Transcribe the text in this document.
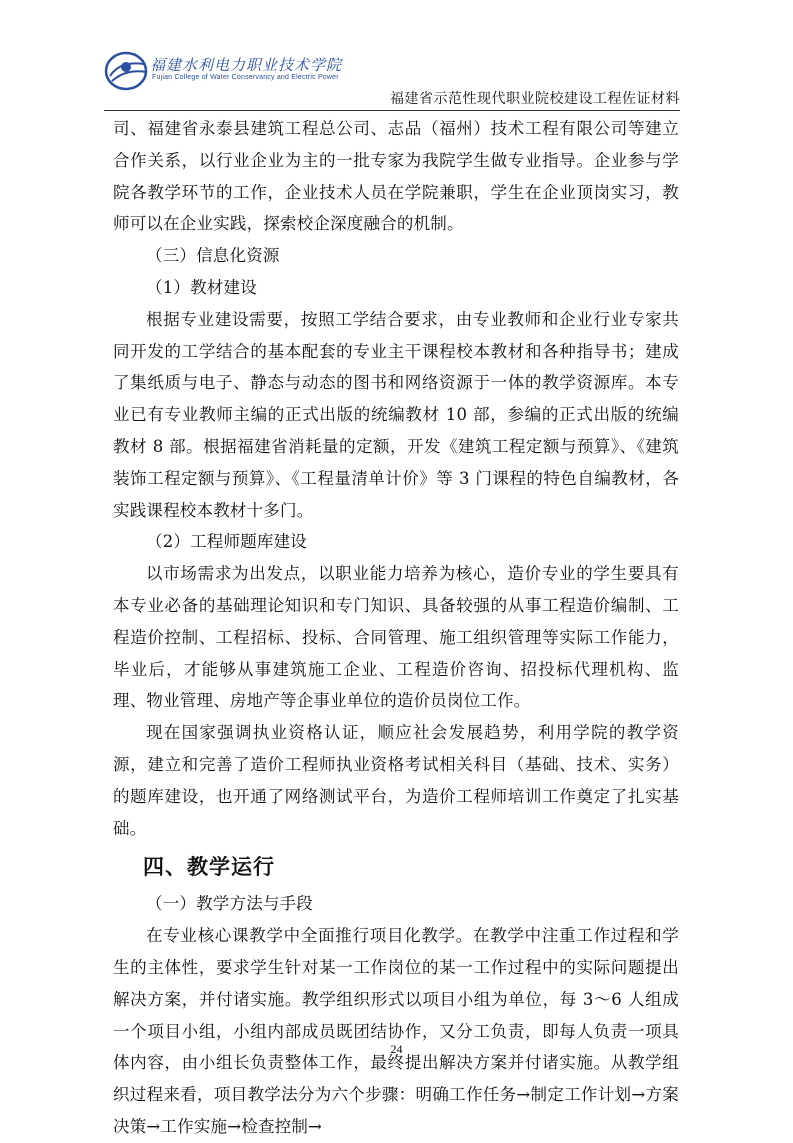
福建水利电力职业技术学院
Fujian College of Water Conservancy and Electric Power
福建省示范性现代职业院校建设工程佐证材料

司、福建省永泰县建筑工程总公司、志品（福州）技术工程有限公司等建立合作关系，以行业企业为主的一批专家为我院学生做专业指导。企业参与学院各教学环节的工作，企业技术人员在学院兼职，学生在企业顶岗实习，教师可以在企业实践，探索校企深度融合的机制。

（三）信息化资源

（1）教材建设

根据专业建设需要，按照工学结合要求，由专业教师和企业行业专家共同开发的工学结合的基本配套的专业主干课程校本教材和各种指导书；建成了集纸质与电子、静态与动态的图书和网络资源于一体的教学资源库。本专业已有专业教师主编的正式出版的统编教材 10 部，参编的正式出版的统编教材 8 部。根据福建省消耗量的定额，开发《建筑工程定额与预算》、《建筑装饰工程定额与预算》、《工程量清单计价》等 3 门课程的特色自编教材，各实践课程校本教材十多门。

（2）工程师题库建设

以市场需求为出发点，以职业能力培养为核心，造价专业的学生要具有本专业必备的基础理论知识和专门知识、具备较强的从事工程造价编制、工程造价控制、工程招标、投标、合同管理、施工组织管理等实际工作能力，毕业后，才能够从事建筑施工企业、工程造价咨询、招投标代理机构、监理、物业管理、房地产等企事业单位的造价员岗位工作。

现在国家强调执业资格认证，顺应社会发展趋势，利用学院的教学资源，建立和完善了造价工程师执业资格考试相关科目（基础、技术、实务）的题库建设，也开通了网络测试平台，为造价工程师培训工作奠定了扎实基础。

四、教学运行

（一）教学方法与手段

在专业核心课教学中全面推行项目化教学。在教学中注重工作过程和学生的主体性，要求学生针对某一工作岗位的某一工作过程中的实际问题提出解决方案，并付诸实施。教学组织形式以项目小组为单位，每 3～6 人组成一个项目小组，小组内部成员既团结协作，又分工负责，即每人负责一项具体内容，由小组长负责整体工作，最终提出解决方案并付诸实施。从教学组织过程来看，项目教学法分为六个步骤：明确工作任务→制定工作计划→方案决策→工作实施→检查控制→

24
